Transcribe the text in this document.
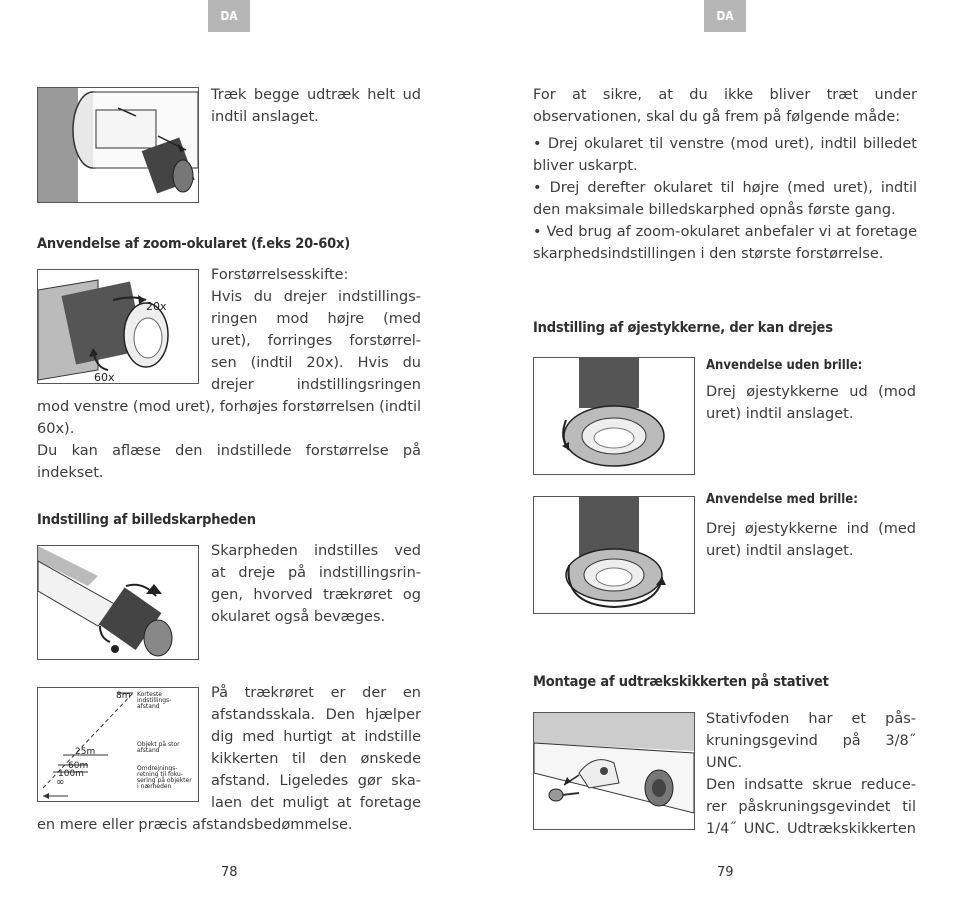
DA
Træk begge udtræk helt ud indtil anslaget.
Anvendelse af zoom-okularet (f.eks 20-60x)
20x
60x
Forstørrelsesskifte:
Hvis du drejer indstillings-
ringen mod højre (med
uret), forringes forstørrel-
sen (indtil 20x). Hvis du
drejer indstillingsringen
mod venstre (mod uret), forhøjes forstørrelsen (indtil 60x).
Du kan aflæse den indstillede forstørrelse på indekset.
Indstilling af billedskarpheden
Skarpheden indstilles ved
at dreje på indstillingsrin-
gen, hvorved trækrøret og
okularet også bevæges.
8m
25m
60m
100m
∞
Korteste
indstillings-
afstand
Objekt på stor
afstand
Omdrejnings-
retning til foku-
sering på objekter
i nærheden
På trækrøret er der en
afstandsskala. Den hjælper
dig med hurtigt at indstille
kikkerten til den ønskede
afstand. Ligeledes gør ska-
laen det muligt at foretage
en mere eller præcis afstandsbedømmelse.
78
DA
For at sikre, at du ikke bliver træt under observationen, skal du gå frem på følgende måde:
• Drej okularet til venstre (mod uret), indtil billedet bliver uskarpt.
• Drej derefter okularet til højre (med uret), indtil den maksimale billedskarphed opnås første gang.
• Ved brug af zoom-okularet anbefaler vi at foretage skarphedsindstillingen i den største forstørrelse.
Indstilling af øjestykkerne, der kan drejes
Anvendelse uden brille:
Drej øjestykkerne ud (mod uret) indtil anslaget.
Anvendelse med brille:
Drej øjestykkerne ind (med uret) indtil anslaget.
Montage af udtrækskikkerten på stativet
Stativfoden har et pås-
kruningsgevind på 3/8˝ UNC.
Den indsatte skrue reduce-
rer påskruningsgevindet til
1/4˝ UNC. Udtrækskikkerten
79
